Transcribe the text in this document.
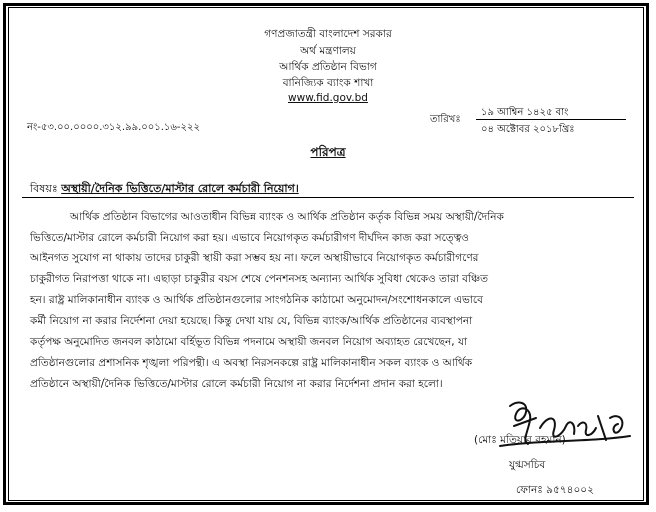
গণপ্রজাতন্ত্রী বাংলাদেশ সরকার
অর্থ মন্ত্রণালয়
আর্থিক প্রতিষ্ঠান বিভাগ
বানিজ্যিক ব্যাংক শাখা
www.fid.gov.bd
নং-৫৩.০০.০০০০.৩১২.৯৯.০০১.১৬-২২২
তারিখঃ
১৯ আশ্বিন ১৪২৫ বাং
০৪ অক্টোবর ২০১৮খ্রিঃ
পরিপত্র
বিষয়ঃ অস্থায়ী/দৈনিক ভিত্তিতে/মাস্টার রোলে কর্মচারী নিয়োগ।
আর্থিক প্রতিষ্ঠান বিভাগের আওতাধীন বিভিন্ন ব্যাংক ও আর্থিক প্রতিষ্ঠান কর্তৃক বিভিন্ন সময় অস্থায়ী/দৈনিক
ভিত্তিতে/মাস্টার রোলে কর্মচারী নিয়োগ করা হয়। এভাবে নিয়োগকৃত কর্মচারীগণ দীর্ঘদিন কাজ করা সত্ত্বেও
আইনগত সুযোগ না থাকায় তাদের চাকুরী স্থায়ী করা সম্ভব হয় না। ফলে অস্থায়ীভাবে নিয়োগকৃত কর্মচারীগণের
চাকুরীগত নিরাপত্তা থাকে না। এছাড়া চাকুরীর বয়স শেষে পেনশনসহ অন্যান্য আর্থিক সুবিধা থেকেও তারা বঞ্চিত
হন। রাষ্ট্র মালিকানাধীন ব্যাংক ও আর্থিক প্রতিষ্ঠানগুলোর সাংগঠনিক কাঠামো অনুমোদন/সংশোধনকালে এভাবে
কর্মী নিয়োগ না করার নির্দেশনা দেয়া হয়েছে। কিন্তু দেখা যায় যে, বিভিন্ন ব্যাংক/আর্থিক প্রতিষ্ঠানের ব্যবস্থাপনা
কর্তৃপক্ষ অনুমোদিত জনবল কাঠামো বর্হিভূত বিভিন্ন পদনামে অস্থায়ী জনবল নিয়োগ অব্যাহত রেখেছেন, যা
প্রতিষ্ঠানগুলোর প্রশাসনিক শৃঙ্খলা পরিপন্থী। এ অবস্থা নিরসনকল্পে রাষ্ট্র মালিকানাধীন সকল ব্যাংক ও আর্থিক
প্রতিষ্ঠানে অস্থায়ী/দৈনিক ভিত্তিতে/মাস্টার রোলে কর্মচারী নিয়োগ না করার নির্দেশনা প্রদান করা হলো।
(মোঃ মতিয়ার রহমান)
যুগ্মসচিব
ফোনঃ ৯৫৭৪০০২
